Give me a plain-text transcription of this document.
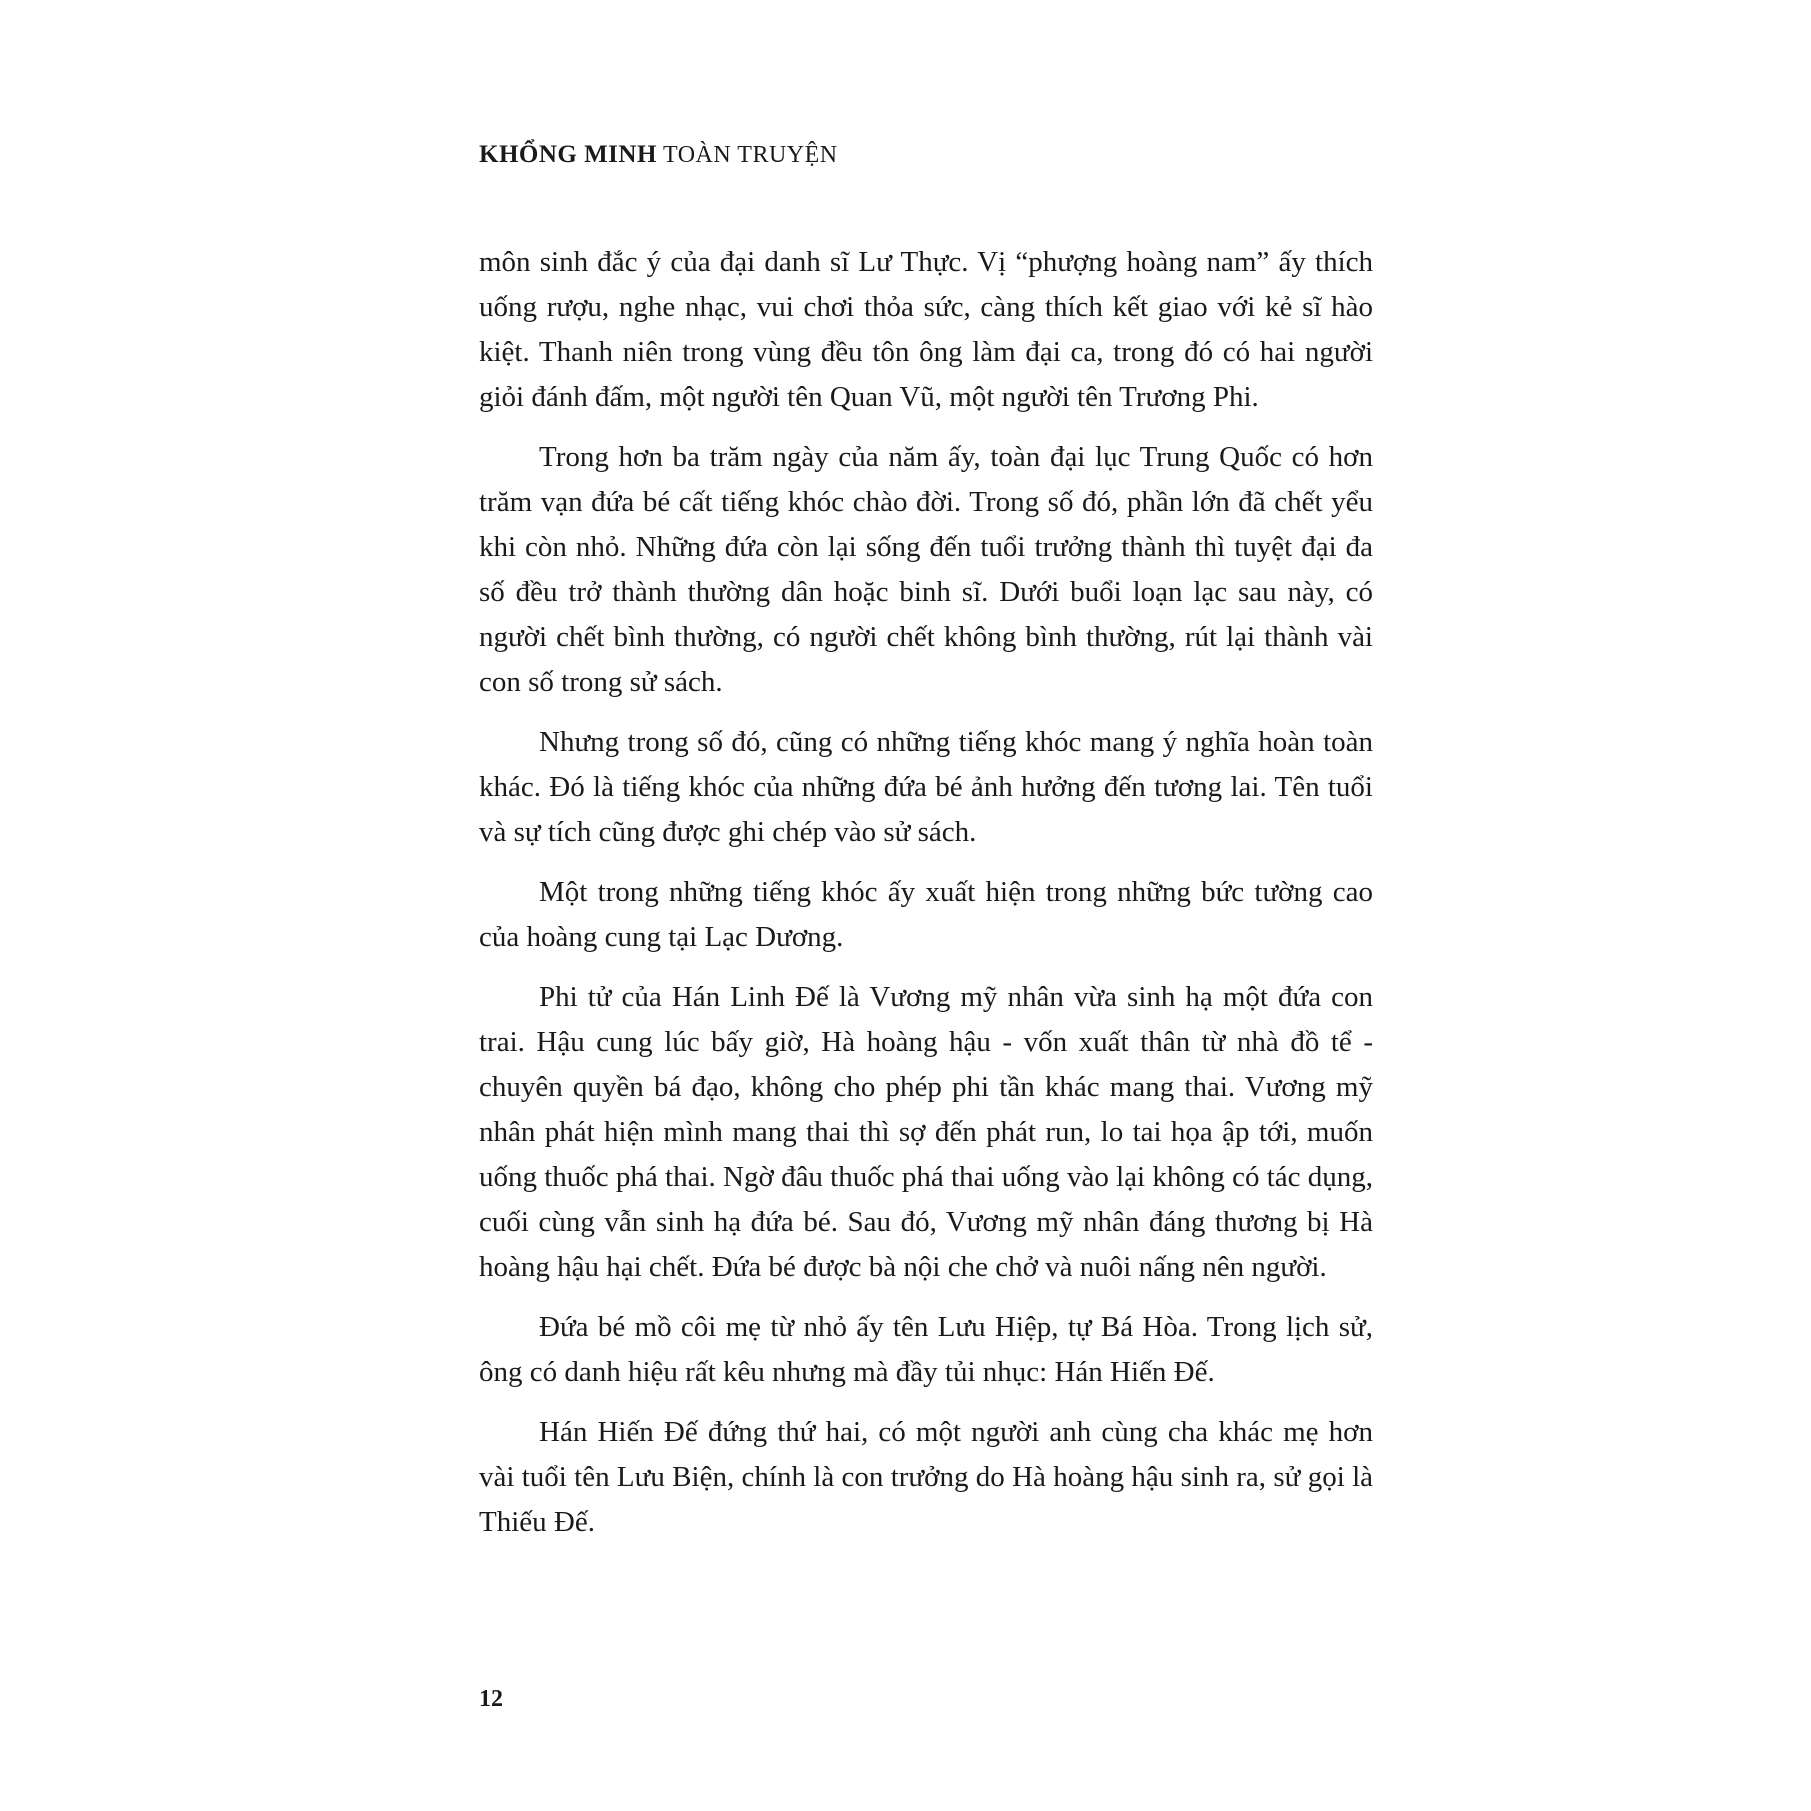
KHỔNG MINH TOÀN TRUYỆN

môn sinh đắc ý của đại danh sĩ Lư Thực. Vị “phượng hoàng nam” ấy thích uống rượu, nghe nhạc, vui chơi thỏa sức, càng thích kết giao với kẻ sĩ hào kiệt. Thanh niên trong vùng đều tôn ông làm đại ca, trong đó có hai người giỏi đánh đấm, một người tên Quan Vũ, một người tên Trương Phi.

Trong hơn ba trăm ngày của năm ấy, toàn đại lục Trung Quốc có hơn trăm vạn đứa bé cất tiếng khóc chào đời. Trong số đó, phần lớn đã chết yểu khi còn nhỏ. Những đứa còn lại sống đến tuổi trưởng thành thì tuyệt đại đa số đều trở thành thường dân hoặc binh sĩ. Dưới buổi loạn lạc sau này, có người chết bình thường, có người chết không bình thường, rút lại thành vài con số trong sử sách.

Nhưng trong số đó, cũng có những tiếng khóc mang ý nghĩa hoàn toàn khác. Đó là tiếng khóc của những đứa bé ảnh hưởng đến tương lai. Tên tuổi và sự tích cũng được ghi chép vào sử sách.

Một trong những tiếng khóc ấy xuất hiện trong những bức tường cao của hoàng cung tại Lạc Dương.

Phi tử của Hán Linh Đế là Vương mỹ nhân vừa sinh hạ một đứa con trai. Hậu cung lúc bấy giờ, Hà hoàng hậu - vốn xuất thân từ nhà đồ tể - chuyên quyền bá đạo, không cho phép phi tần khác mang thai. Vương mỹ nhân phát hiện mình mang thai thì sợ đến phát run, lo tai họa ập tới, muốn uống thuốc phá thai. Ngờ đâu thuốc phá thai uống vào lại không có tác dụng, cuối cùng vẫn sinh hạ đứa bé. Sau đó, Vương mỹ nhân đáng thương bị Hà hoàng hậu hại chết. Đứa bé được bà nội che chở và nuôi nấng nên người.

Đứa bé mồ côi mẹ từ nhỏ ấy tên Lưu Hiệp, tự Bá Hòa. Trong lịch sử, ông có danh hiệu rất kêu nhưng mà đầy tủi nhục: Hán Hiến Đế.

Hán Hiến Đế đứng thứ hai, có một người anh cùng cha khác mẹ hơn vài tuổi tên Lưu Biện, chính là con trưởng do Hà hoàng hậu sinh ra, sử gọi là Thiếu Đế.

12
